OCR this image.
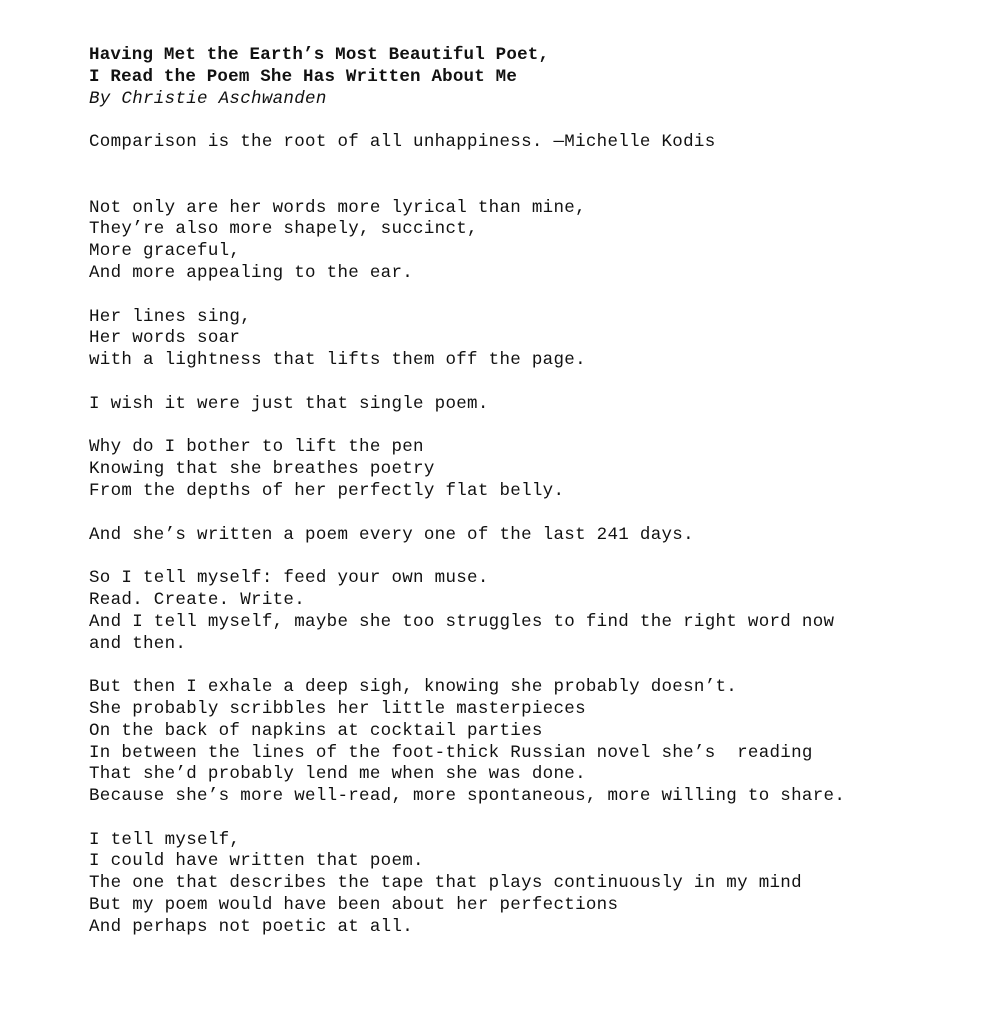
Having Met the Earth’s Most Beautiful Poet,
I Read the Poem She Has Written About Me
By Christie Aschwanden
Comparison is the root of all unhappiness. —Michelle Kodis
Not only are her words more lyrical than mine,
They’re also more shapely, succinct,
More graceful,
And more appealing to the ear.
Her lines sing,
Her words soar
with a lightness that lifts them off the page.
I wish it were just that single poem.
Why do I bother to lift the pen
Knowing that she breathes poetry
From the depths of her perfectly flat belly.
And she’s written a poem every one of the last 241 days.
So I tell myself: feed your own muse.
Read. Create. Write.
And I tell myself, maybe she too struggles to find the right word now
and then.
But then I exhale a deep sigh, knowing she probably doesn’t.
She probably scribbles her little masterpieces
On the back of napkins at cocktail parties
In between the lines of the foot-thick Russian novel she’s  reading
That she’d probably lend me when she was done.
Because she’s more well-read, more spontaneous, more willing to share.
I tell myself,
I could have written that poem.
The one that describes the tape that plays continuously in my mind
But my poem would have been about her perfections
And perhaps not poetic at all.
